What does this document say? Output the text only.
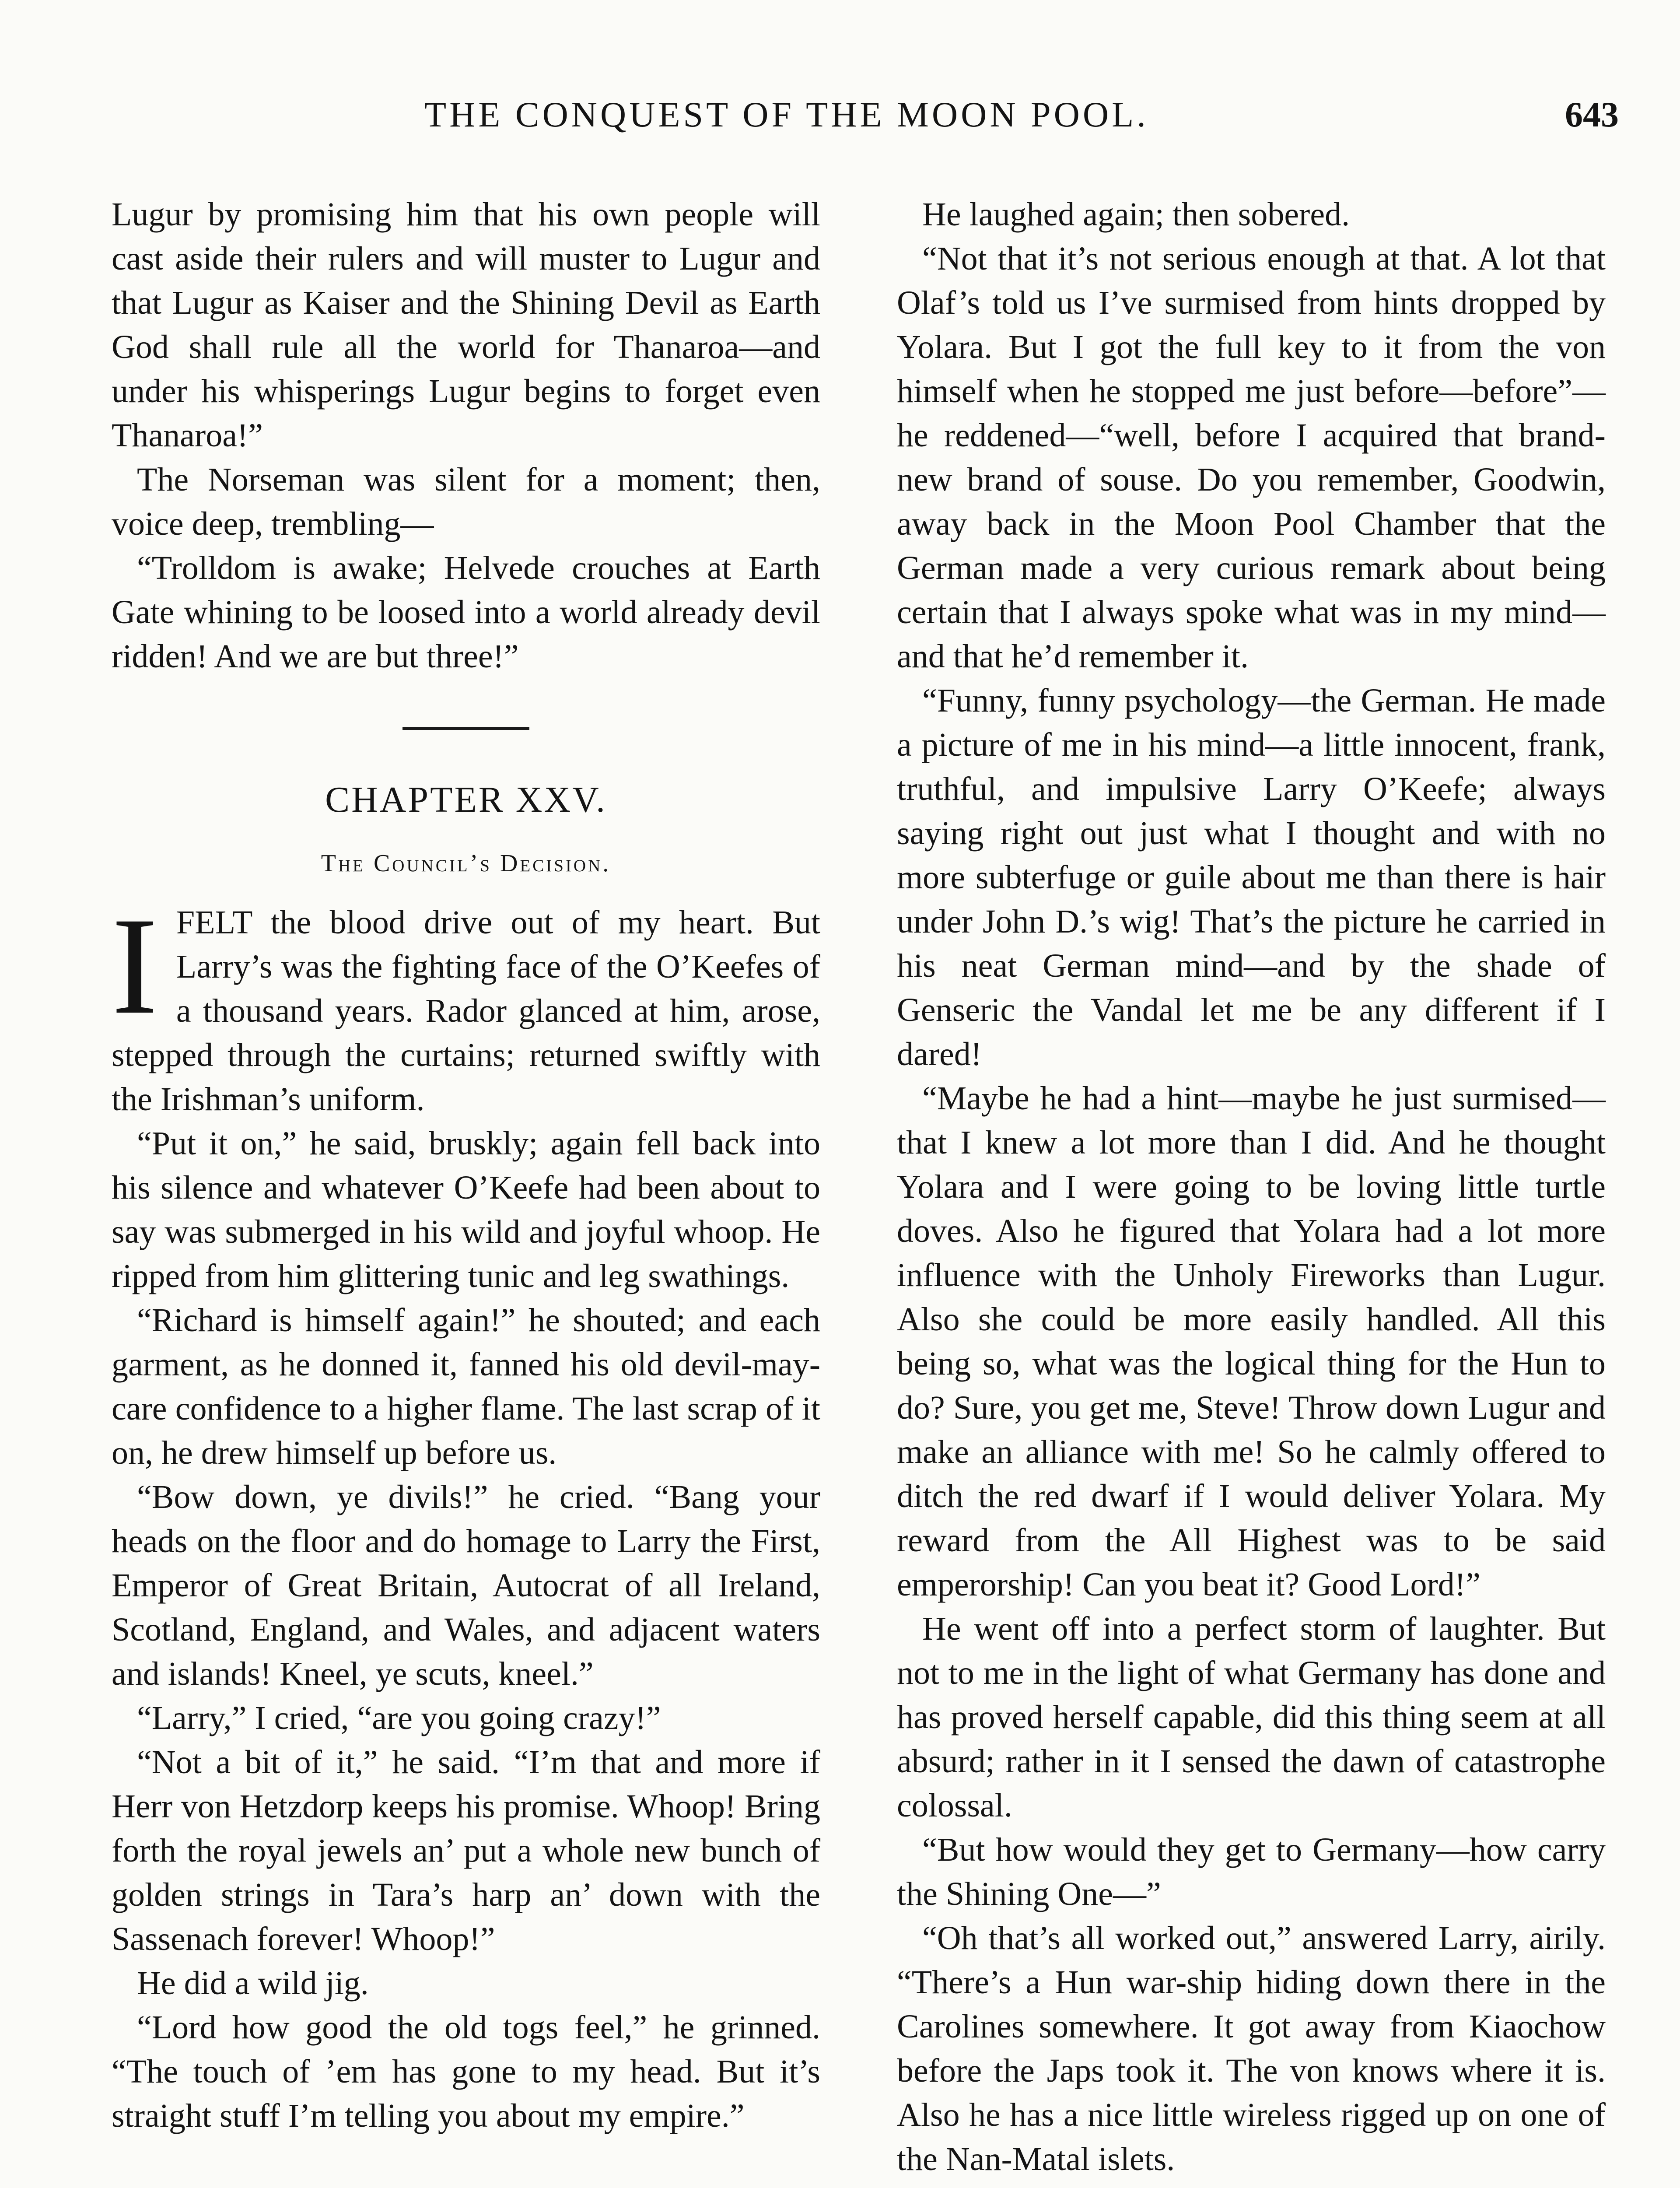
THE CONQUEST OF THE MOON POOL.	643

Lugur by promising him that his own people will cast aside their rulers and will muster to Lugur and that Lugur as Kaiser and the Shining Devil as Earth God shall rule all the world for Thanaroa—and under his whisperings Lugur begins to forget even Thanaroa!”

The Norseman was silent for a moment; then, voice deep, trembling—

“Trolldom is awake; Helvede crouches at Earth Gate whining to be loosed into a world already devil ridden! And we are but three!”

CHAPTER XXV.
The Council’s Decision.

IFELT the blood drive out of my heart. But Larry’s was the fighting face of the O’Keefes of a thousand years. Rador glanced at him, arose, stepped through the curtains; returned swiftly with the Irishman’s uniform.

“Put it on,” he said, bruskly; again fell back into his silence and whatever O’Keefe had been about to say was submerged in his wild and joyful whoop. He ripped from him glittering tunic and leg swathings.

“Richard is himself again!” he shouted; and each garment, as he donned it, fanned his old devil-may-care confidence to a higher flame. The last scrap of it on, he drew himself up before us.

“Bow down, ye divils!” he cried. “Bang your heads on the floor and do homage to Larry the First, Emperor of Great Britain, Autocrat of all Ireland, Scotland, England, and Wales, and adjacent waters and islands! Kneel, ye scuts, kneel.”

“Larry,” I cried, “are you going crazy!”

“Not a bit of it,” he said. “I’m that and more if Herr von Hetzdorp keeps his promise. Whoop! Bring forth the royal jewels an’ put a whole new bunch of golden strings in Tara’s harp an’ down with the Sassenach forever! Whoop!”

He did a wild jig.

“Lord how good the old togs feel,” he grinned. “The touch of ’em has gone to my head. But it’s straight stuff I’m telling you about my empire.”

He laughed again; then sobered.

“Not that it’s not serious enough at that. A lot that Olaf’s told us I’ve surmised from hints dropped by Yolara. But I got the full key to it from the von himself when he stopped me just before—before”—he reddened—“well, before I acquired that brand-new brand of souse. Do you remember, Goodwin, away back in the Moon Pool Chamber that the German made a very curious remark about being certain that I always spoke what was in my mind—and that he’d remember it.

“Funny, funny psychology—the German. He made a picture of me in his mind—a little innocent, frank, truthful, and impulsive Larry O’Keefe; always saying right out just what I thought and with no more subterfuge or guile about me than there is hair under John D.’s wig! That’s the picture he carried in his neat German mind—and by the shade of Genseric the Vandal let me be any different if I dared!

“Maybe he had a hint—maybe he just surmised—that I knew a lot more than I did. And he thought Yolara and I were going to be loving little turtle doves. Also he figured that Yolara had a lot more influence with the Unholy Fireworks than Lugur. Also she could be more easily handled. All this being so, what was the logical thing for the Hun to do? Sure, you get me, Steve! Throw down Lugur and make an alliance with me! So he calmly offered to ditch the red dwarf if I would deliver Yolara. My reward from the All Highest was to be said emperorship! Can you beat it? Good Lord!”

He went off into a perfect storm of laughter. But not to me in the light of what Germany has done and has proved herself capable, did this thing seem at all absurd; rather in it I sensed the dawn of catastrophe colossal.

“But how would they get to Germany—how carry the Shining One—”

“Oh that’s all worked out,” answered Larry, airily. “There’s a Hun war-ship hiding down there in the Carolines somewhere. It got away from Kiaochow before the Japs took it. The von knows where it is. Also he has a nice little wireless rigged up on one of the Nan-Matal islets.
